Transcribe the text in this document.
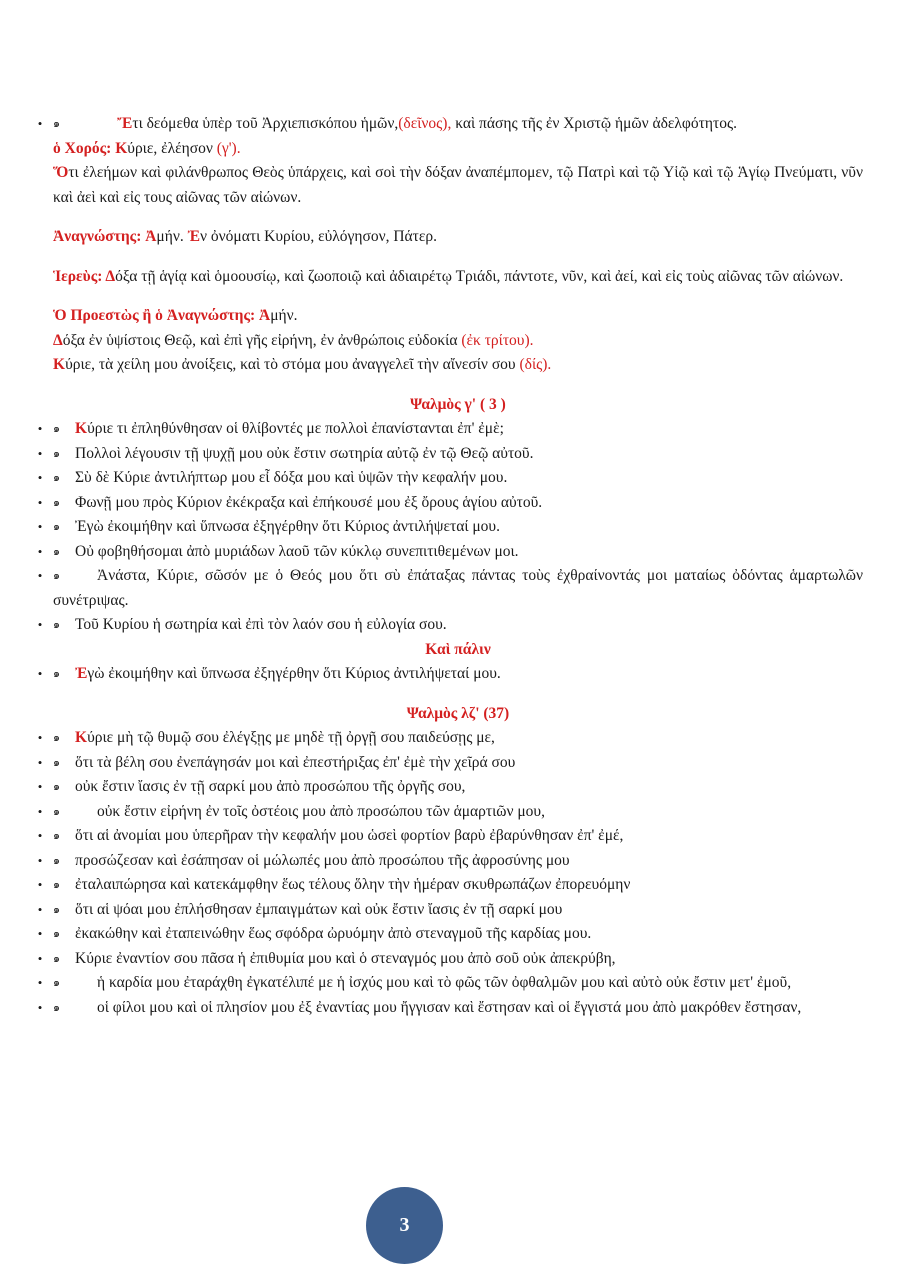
• ๑	Ἔτι δεόμεθα ὑπὲρ τοῦ Ἀρχιεπισκόπου ἡμῶν,(δεῖνος), καὶ πάσης τῆς ἐν Χριστῷ ἡμῶν ἀδελφότητος.

ὁ Χορός: Κύριε, ἐλέησον (γ').

Ὅτι ἐλεήμων καὶ φιλάνθρωπος Θεὸς ὑπάρχεις, καὶ σοὶ τὴν δόξαν ἀναπέμπομεν, τῷ Πατρὶ καὶ τῷ Υἱῷ καὶ τῷ Ἁγίῳ Πνεύματι, νῦν καὶ ἀεὶ καὶ εἰς τους αἰῶνας τῶν αἰώνων.

Ἀναγνώστης: Ἀμήν. Ἐν ὀνόματι Κυρίου, εὐλόγησον, Πάτερ.

Ἱερεὺς: Δόξα τῇ ἁγίᾳ καὶ ὁμοουσίῳ, καὶ ζωοποιῷ καὶ ἀδιαιρέτῳ Τριάδι, πάντοτε, νῦν, καὶ ἀεί, καὶ εἰς τοὺς αἰῶνας τῶν αἰώνων.

Ὁ Προεστὼς ἢ ὁ Ἀναγνώστης: Ἀμήν.

Δόξα ἐν ὑψίστοις Θεῷ, καὶ ἐπὶ γῆς εἰρήνη, ἐν ἀνθρώποις εὐδοκία (ἐκ τρίτου).

Κύριε, τὰ χείλη μου ἀνοίξεις, καὶ τὸ στόμα μου ἀναγγελεῖ τὴν αἴνεσίν σου (δίς).

Ψαλμὸς γ' ( 3 )

• ๑ Κύριε τι ἐπληθύνθησαν οἱ θλίβοντές με πολλοὶ ἐπανίστανται ἐπ' ἐμὲ;

• ๑ Πολλοὶ λέγουσιν τῇ ψυχῇ μου οὐκ ἔστιν σωτηρία αὐτῷ ἐν τῷ Θεῷ αὐτοῦ.

• ๑ Σὺ δὲ Κύριε ἀντιλήπτωρ μου εἶ δόξα μου καὶ ὑψῶν τὴν κεφαλήν μου.

• ๑ Φωνῇ μου πρὸς Κύριον ἐκέκραξα καὶ ἐπήκουσέ μου ἐξ ὄρους ἁγίου αὐτοῦ.

• ๑ Ἐγὼ ἐκοιμήθην καὶ ὕπνωσα ἐξηγέρθην ὅτι Κύριος ἀντιλήψεταί μου.

• ๑ Οὐ φοβηθήσομαι ἀπὸ μυριάδων λαοῦ τῶν κύκλῳ συνεπιτιθεμένων μοι.

• ๑ Ἀνάστα, Κύριε, σῶσόν με ὁ Θεός μου ὅτι σὺ ἐπάταξας πάντας τοὺς ἐχθραίνοντάς μοι ματαίως ὀδόντας ἁμαρτωλῶν συνέτριψας.

• ๑ Τοῦ Κυρίου ἡ σωτηρία καὶ ἐπὶ τὸν λαόν σου ἡ εὐλογία σου.

Καὶ πάλιν

• ๑ Ἐγὼ ἐκοιμήθην καὶ ὕπνωσα ἐξηγέρθην ὅτι Κύριος ἀντιλήψεταί μου.

Ψαλμὸς λζ' (37)

• ๑ Κύριε μὴ τῷ θυμῷ σου ἐλέγξῃς με μηδὲ τῇ ὀργῇ σου παιδεύσῃς με,

• ๑ ὅτι τὰ βέλη σου ἐνεπάγησάν μοι καὶ ἐπεστήριξας ἐπ' ἐμὲ τὴν χεῖρά σου

• ๑ οὐκ ἔστιν ἴασις ἐν τῇ σαρκί μου ἀπὸ προσώπου τῆς ὀργῆς σου,

• ๑ οὐκ ἔστιν εἰρήνη ἐν τοῖς ὀστέοις μου ἀπὸ προσώπου τῶν ἁμαρτιῶν μου,

• ๑ ὅτι αἱ ἀνομίαι μου ὑπερῆραν τὴν κεφαλήν μου ὡσεὶ φορτίον βαρὺ ἐβαρύνθησαν ἐπ' ἐμέ,

• ๑ προσώζεσαν καὶ ἐσάπησαν οἱ μώλωπές μου ἀπὸ προσώπου τῆς ἀφροσύνης μου

• ๑ ἐταλαιπώρησα καὶ κατεκάμφθην ἕως τέλους ὅλην τὴν ἡμέραν σκυθρωπάζων ἐπορευόμην

• ๑ ὅτι αἱ ψόαι μου ἐπλήσθησαν ἐμπαιγμάτων καὶ οὐκ ἔστιν ἴασις ἐν τῇ σαρκί μου

• ๑ ἐκακώθην καὶ ἐταπεινώθην ἕως σφόδρα ὠρυόμην ἀπὸ στεναγμοῦ τῆς καρδίας μου.

• ๑ Κύριε ἐναντίον σου πᾶσα ἡ ἐπιθυμία μου καὶ ὁ στεναγμός μου ἀπὸ σοῦ οὐκ ἀπεκρύβη,

• ๑ ἡ καρδία μου ἐταράχθη ἐγκατέλιπέ με ἡ ἰσχύς μου καὶ τὸ φῶς τῶν ὀφθαλμῶν μου καὶ αὐτὸ οὐκ ἔστιν μετ' ἐμοῦ,

• ๑ οἱ φίλοι μου καὶ οἱ πλησίον μου ἐξ ἐναντίας μου ἤγγισαν καὶ ἔστησαν καὶ οἱ ἔγγιστά μου ἀπὸ μακρόθεν ἔστησαν,

3
